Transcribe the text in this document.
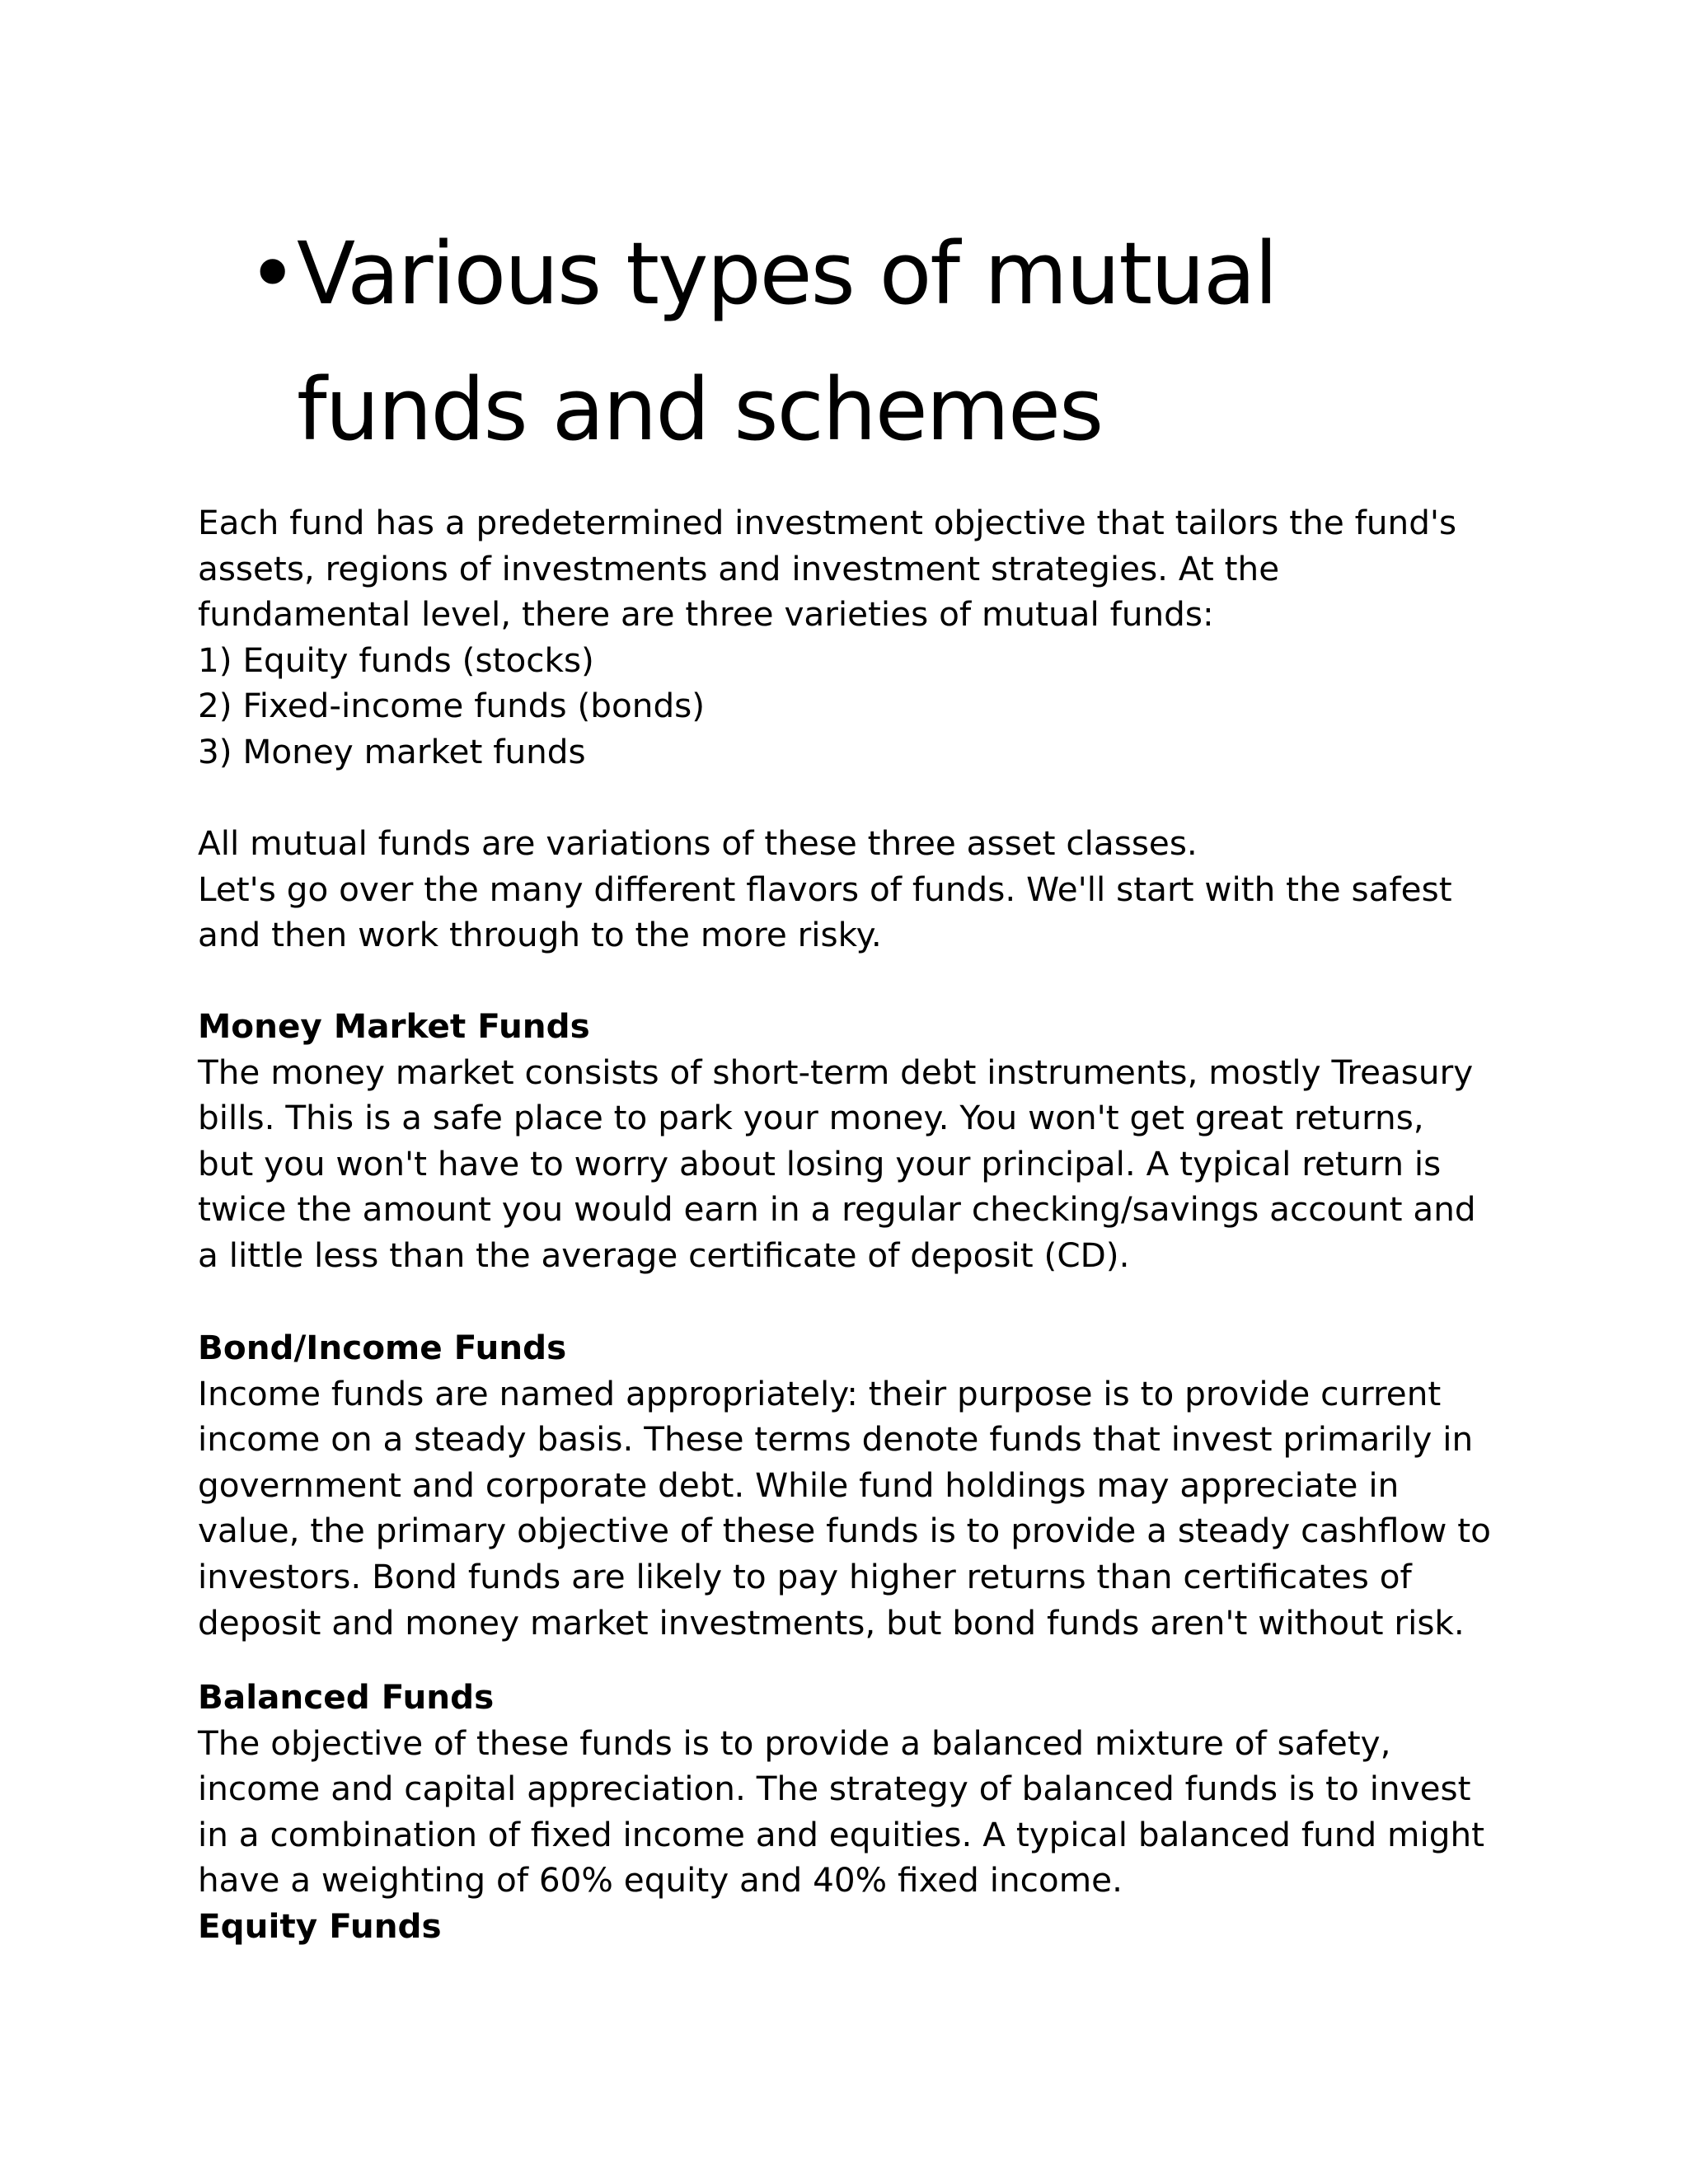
•
Various types of mutual
funds and schemes
Each fund has a predetermined investment objective that tailors the fund's
assets, regions of investments and investment strategies. At the
fundamental level, there are three varieties of mutual funds:
1) Equity funds (stocks)
2) Fixed-income funds (bonds)
3) Money market funds
All mutual funds are variations of these three asset classes.
Let's go over the many different flavors of funds. We'll start with the safest
and then work through to the more risky.
Money Market Funds
The money market consists of short-term debt instruments, mostly Treasury
bills. This is a safe place to park your money. You won't get great returns,
but you won't have to worry about losing your principal. A typical return is
twice the amount you would earn in a regular checking/savings account and
a little less than the average certificate of deposit (CD).
Bond/Income Funds
Income funds are named appropriately: their purpose is to provide current
income on a steady basis. These terms denote funds that invest primarily in
government and corporate debt. While fund holdings may appreciate in
value, the primary objective of these funds is to provide a steady cashflow to
investors. Bond funds are likely to pay higher returns than certificates of
deposit and money market investments, but bond funds aren't without risk.
Balanced Funds
The objective of these funds is to provide a balanced mixture of safety,
income and capital appreciation. The strategy of balanced funds is to invest
in a combination of fixed income and equities. A typical balanced fund might
have a weighting of 60% equity and 40% fixed income.
Equity Funds
